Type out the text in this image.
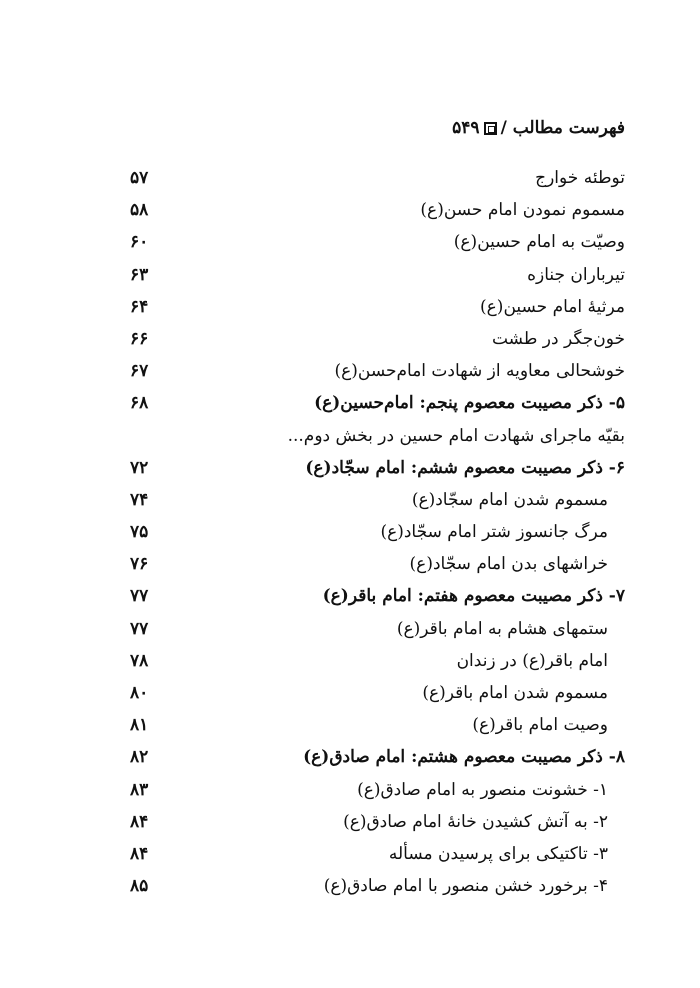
فهرست مطالب /
۵۴۹
توطئه خوارج
۵۷
مسموم نمودن امام حسن(ع)
۵۸
وصیّت به امام حسین(ع)
۶۰
تیرباران جنازه
۶۳
مرثیۀ امام حسین(ع)
۶۴
خون‌جگر در طشت
۶۶
خوشحالی معاویه از شهادت امام‌حسن(ع)
۶۷
۵- ذکر مصیبت معصوم پنجم: امام‌حسین(ع)
۶۸
بقیّه ماجرای شهادت امام حسین در بخش دوم...
۶- ذکر مصیبت معصوم ششم: امام سجّاد(ع)
۷۲
مسموم شدن امام سجّاد(ع)
۷۴
مرگ جانسوز شتر امام سجّاد(ع)
۷۵
خراشهای بدن امام سجّاد(ع)
۷۶
۷- ذکر مصیبت معصوم هفتم: امام باقر(ع)
۷۷
ستمهای هشام به امام باقر(ع)
۷۷
امام باقر(ع) در زندان
۷۸
مسموم شدن امام باقر(ع)
۸۰
وصیت امام باقر(ع)
۸۱
۸- ذکر مصیبت معصوم هشتم: امام صادق(ع)
۸۲
۱- خشونت منصور به امام صادق(ع)
۸۳
۲- به آتش کشیدن خانۀ امام صادق(ع)
۸۴
۳- تاکتیکی برای پرسیدن مسأله
۸۴
۴- برخورد خشن منصور با امام صادق(ع)
۸۵
